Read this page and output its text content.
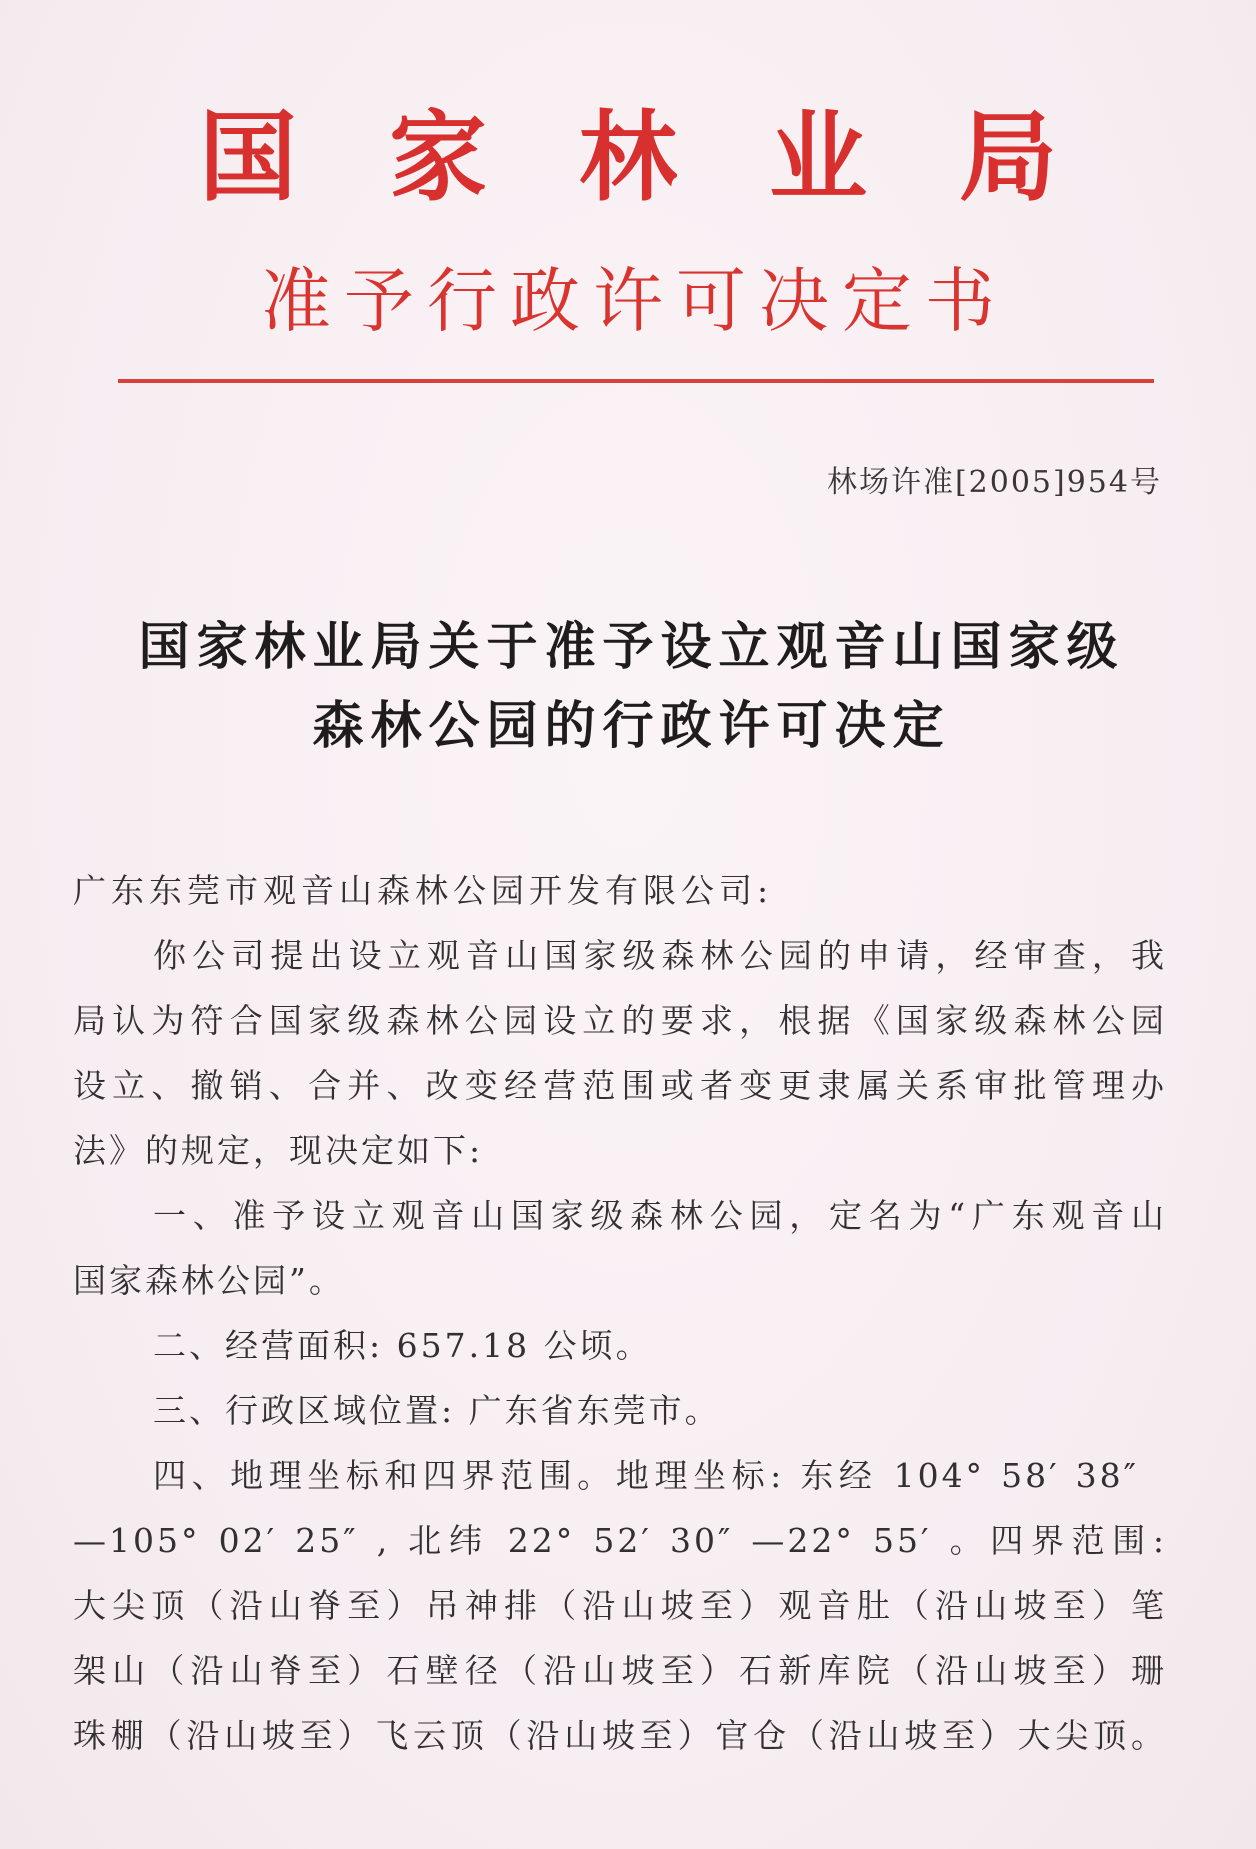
国家林业局
准予行政许可决定书
林场许准[2005]954号
国家林业局关于准予设立观音山国家级
森林公园的行政许可决定
广东东莞市观音山森林公园开发有限公司:
你公司提出设立观音山国家级森林公园的申请，经审查，我
局认为符合国家级森林公园设立的要求，根据《国家级森林公园
设立、撤销、合并、改变经营范围或者变更隶属关系审批管理办
法》的规定，现决定如下:
一、准予设立观音山国家级森林公园，定名为“广东观音山
国家森林公园”。
二、经营面积: 657.18 公顷。
三、行政区域位置: 广东省东莞市。
四、地理坐标和四界范围。地理坐标: 东经 104° 58′ 38″
—105° 02′ 25″ , 北纬 22° 52′ 30″ —22° 55′ 。四界范围:
大尖顶（沿山脊至）吊神排（沿山坡至）观音肚（沿山坡至）笔
架山（沿山脊至）石壁径（沿山坡至）石新库院（沿山坡至）珊
珠棚（沿山坡至）飞云顶（沿山坡至）官仓（沿山坡至）大尖顶。
